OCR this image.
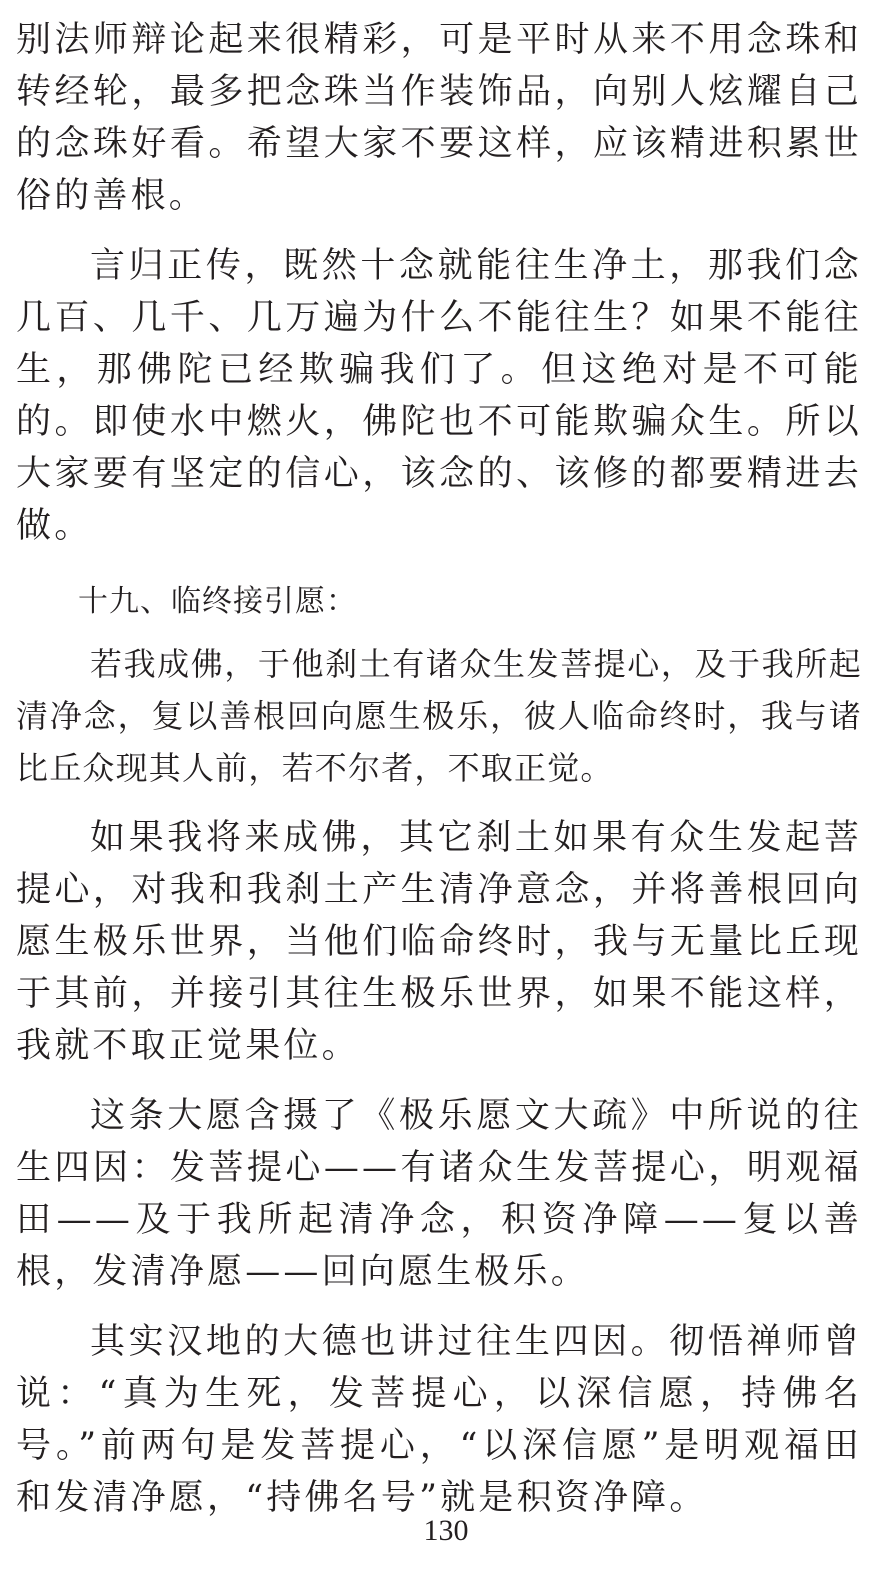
别法师辩论起来很精彩，可是平时从来不用念珠和转经轮，最多把念珠当作装饰品，向别人炫耀自己的念珠好看。希望大家不要这样，应该精进积累世俗的善根。

言归正传，既然十念就能往生净土，那我们念几百、几千、几万遍为什么不能往生？如果不能往生，那佛陀已经欺骗我们了。但这绝对是不可能的。即使水中燃火，佛陀也不可能欺骗众生。所以大家要有坚定的信心，该念的、该修的都要精进去做。

十九、临终接引愿：

若我成佛，于他刹土有诸众生发菩提心，及于我所起清净念，复以善根回向愿生极乐，彼人临命终时，我与诸比丘众现其人前，若不尔者，不取正觉。

如果我将来成佛，其它刹土如果有众生发起菩提心，对我和我刹土产生清净意念，并将善根回向愿生极乐世界，当他们临命终时，我与无量比丘现于其前，并接引其往生极乐世界，如果不能这样，我就不取正觉果位。

这条大愿含摄了《极乐愿文大疏》中所说的往生四因：发菩提心——有诸众生发菩提心，明观福田——及于我所起清净念，积资净障——复以善根，发清净愿——回向愿生极乐。

其实汉地的大德也讲过往生四因。彻悟禅师曾说：“真为生死，发菩提心，以深信愿，持佛名号。”前两句是发菩提心，“以深信愿”是明观福田和发清净愿，“持佛名号”就是积资净障。

130
